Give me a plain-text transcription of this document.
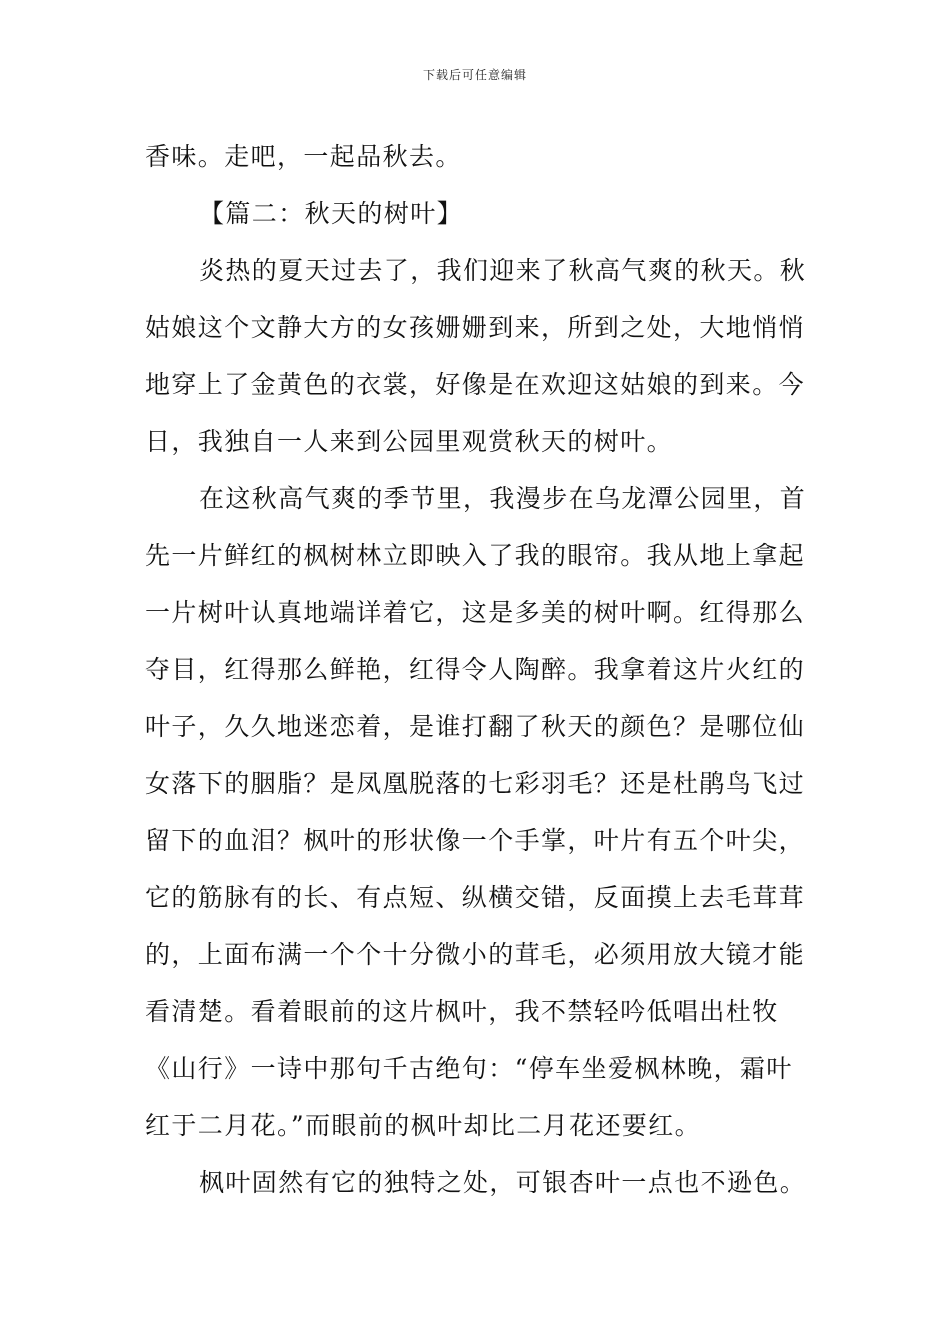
下载后可任意编辑

香味。走吧，一起品秋去。

【篇二：秋天的树叶】

炎热的夏天过去了，我们迎来了秋高气爽的秋天。秋
姑娘这个文静大方的女孩姗姗到来，所到之处，大地悄悄
地穿上了金黄色的衣裳，好像是在欢迎这姑娘的到来。今
日，我独自一人来到公园里观赏秋天的树叶。

在这秋高气爽的季节里，我漫步在乌龙潭公园里，首
先一片鲜红的枫树林立即映入了我的眼帘。我从地上拿起
一片树叶认真地端详着它，这是多美的树叶啊。红得那么
夺目，红得那么鲜艳，红得令人陶醉。我拿着这片火红的
叶子，久久地迷恋着，是谁打翻了秋天的颜色？是哪位仙
女落下的胭脂？是凤凰脱落的七彩羽毛？还是杜鹃鸟飞过
留下的血泪？枫叶的形状像一个手掌，叶片有五个叶尖，
它的筋脉有的长、有点短、纵横交错，反面摸上去毛茸茸
的，上面布满一个个十分微小的茸毛，必须用放大镜才能
看清楚。看着眼前的这片枫叶，我不禁轻吟低唱出杜牧
《山行》一诗中那句千古绝句：“停车坐爱枫林晚，霜叶
红于二月花。”而眼前的枫叶却比二月花还要红。

枫叶固然有它的独特之处，可银杏叶一点也不逊色。
